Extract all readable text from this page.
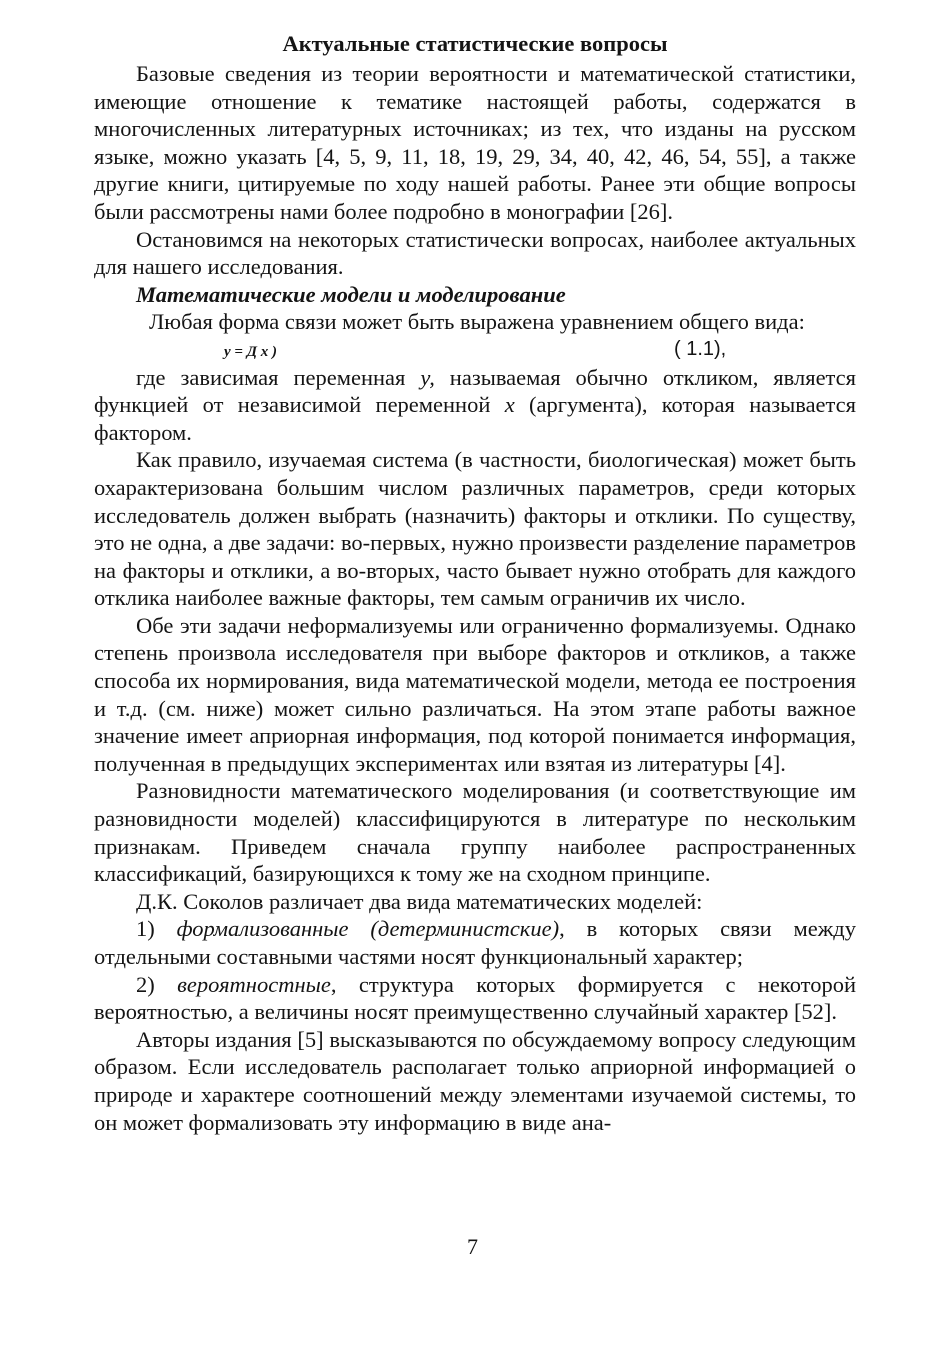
Актуальные статистические вопросы

Базовые сведения из теории вероятности и математической статистики, имеющие отношение к тематике настоящей работы, содержатся в многочисленных литературных источниках; из тех, что изданы на русском языке, можно указать [4, 5, 9, 11, 18, 19, 29, 34, 40, 42, 46, 54, 55], а также другие книги, цитируемые по ходу нашей работы. Ранее эти общие вопросы были рассмотрены нами более подробно в монографии [26].

Остановимся на некоторых статистически вопросах, наиболее актуальных для нашего исследования.

Математические модели и моделирование

Любая форма связи может быть выражена уравнением общего вида:

у = Д х )	( 1.1),

где зависимая переменная у, называемая обычно откликом, является функцией от независимой переменной х (аргумента), которая называется фактором.

Как правило, изучаемая система (в частности, биологическая) может быть охарактеризована большим числом различных параметров, среди которых исследователь должен выбрать (назначить) факторы и отклики. По существу, это не одна, а две задачи: во-первых, нужно произвести разделение параметров на факторы и отклики, а во-вторых, часто бывает нужно отобрать для каждого отклика наиболее важные факторы, тем самым ограничив их число.

Обе эти задачи неформализуемы или ограниченно формализуемы. Однако степень произвола исследователя при выборе факторов и откликов, а также способа их нормирования, вида математической модели, метода ее построения и т.д. (см. ниже) может сильно различаться. На этом этапе работы важное значение имеет априорная информация, под которой понимается информация, полученная в предыдущих экспериментах или взятая из литературы [4].

Разновидности математического моделирования (и соответствующие им разновидности моделей) классифицируются в литературе по нескольким признакам. Приведем сначала группу наиболее распространенных классификаций, базирующихся к тому же на сходном принципе.

Д.К. Соколов различает два вида математических моделей:

1) формализованные (детерминистские), в которых связи между отдельными составными частями носят функциональный характер;

2) вероятностные, структура которых формируется с некоторой вероятностью, а величины носят преимущественно случайный характер [52].

Авторы издания [5] высказываются по обсуждаемому вопросу следующим образом. Если исследователь располагает только априорной информацией о природе и характере соотношений между элементами изучаемой системы, то он может формализовать эту информацию в виде ана-

7
